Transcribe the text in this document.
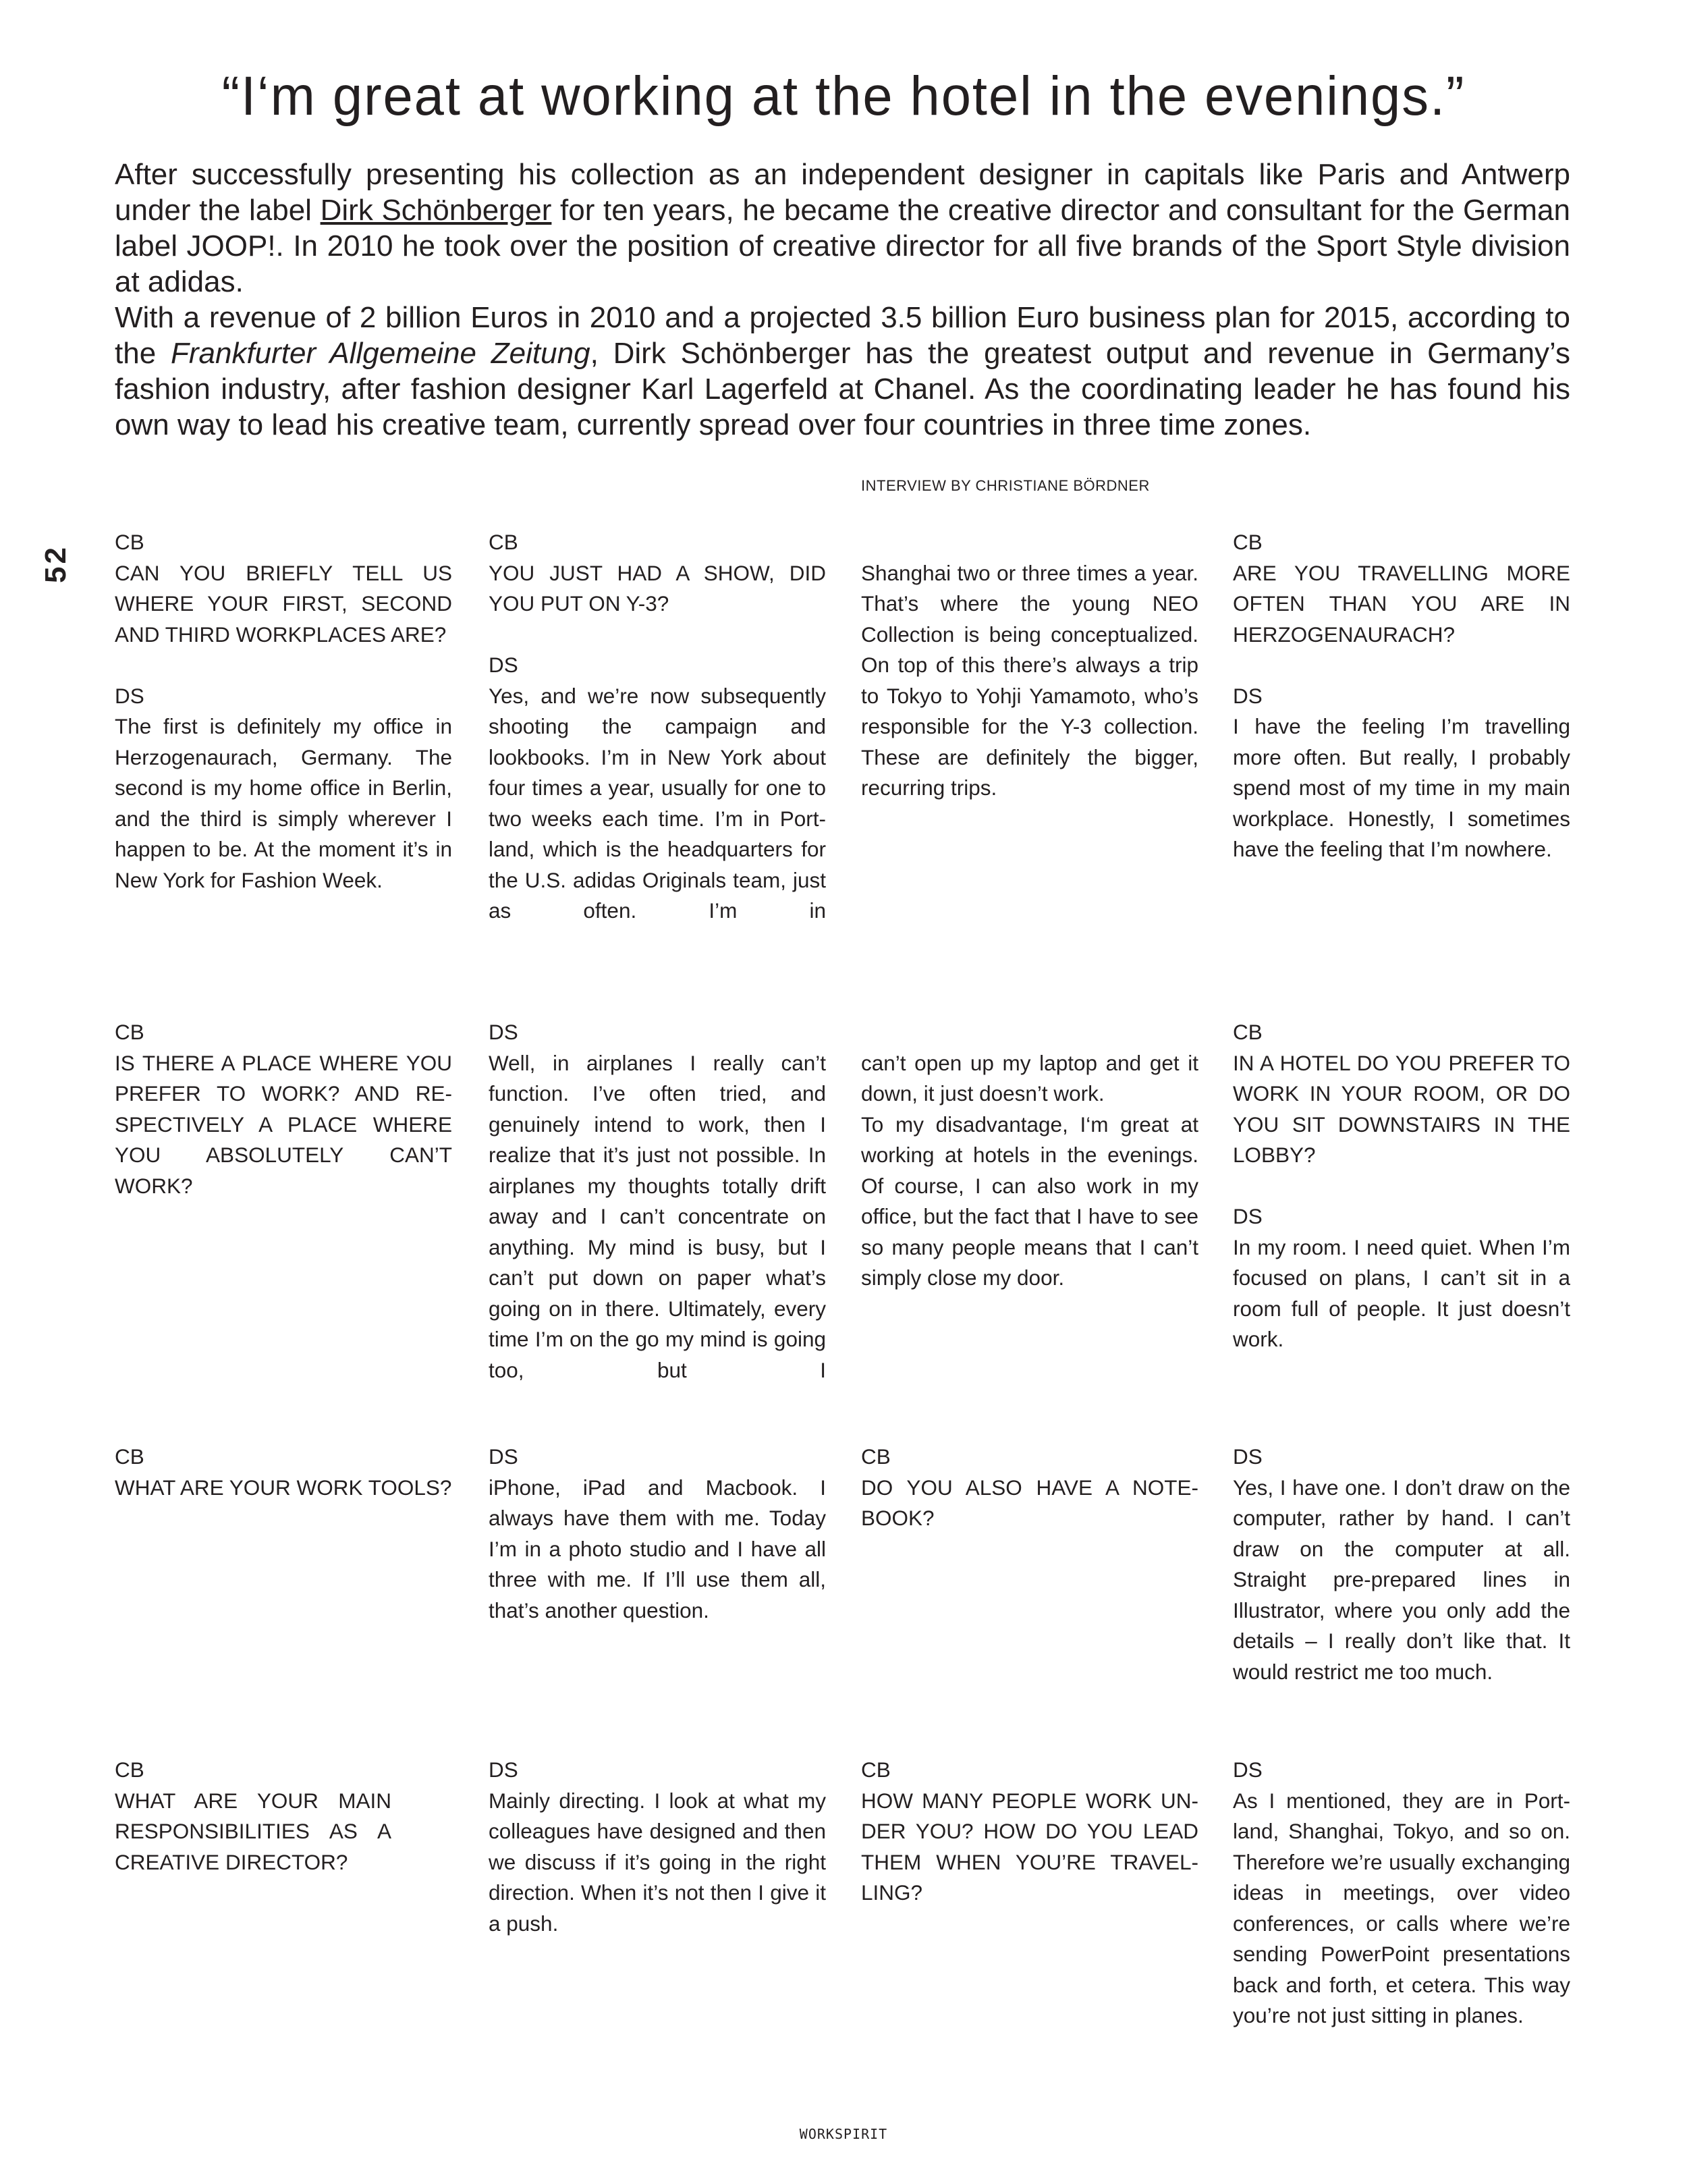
“I‘m great at working at the hotel in the evenings.”

After successfully presenting his collection as an independent designer in capitals like Paris and Antwerp under the label Dirk Schönberger for ten years, he became the creative director and consultant for the German label JOOP!. In 2010 he took over the position of creative director for all five brands of the Sport Style division at adidas.

With a revenue of 2 billion Euros in 2010 and a projected 3.5 billion Euro business plan for 2015, according to the Frankfurter Allgemeine Zeitung, Dirk Schönberger has the greatest output and revenue in Germany’s fashion industry, after fashion designer Karl Lagerfeld at Chanel. As the coordinating leader he has found his own way to lead his creative team, currently spread over four countries in three time zones.

INTERVIEW BY CHRISTIANE BÖRDNER
52
CB
CAN YOU BRIEFLY TELL US WHERE YOUR FIRST, SECOND AND THIRD WORKPLACES ARE?
DS
The first is definitely my office in Herzogenaurach, Germany. The second is my home office in Berlin, and the third is simply wherever I happen to be. At the moment it’s in New York for Fashion Week.
CB
YOU JUST HAD A SHOW, DID YOU PUT ON Y-3?
DS
Yes, and we’re now subsequently shooting the campaign and lookbooks. I’m in New York about four times a year, usually for one to two weeks each time. I’m in Portland, which is the headquarters for the U.S. adidas Originals team, just as often. I’m in
Shanghai two or three times a year. That’s where the young NEO Collection is being conceptualized. On top of this there’s always a trip to Tokyo to Yohji Yamamoto, who’s responsible for the Y-3 collection. These are definitely the bigger, recurring trips.
CB
ARE YOU TRAVELLING MORE OFTEN THAN YOU ARE IN HERZOGENAURACH?
DS
I have the feeling I’m travelling more often. But really, I probably spend most of my time in my main workplace. Honestly, I sometimes have the feeling that I’m nowhere.
CB
IS THERE A PLACE WHERE YOU PREFER TO WORK? AND RESPECTIVELY A PLACE WHERE YOU ABSOLUTELY CAN’T WORK?
DS
Well, in airplanes I really can’t function. I’ve often tried, and genuinely intend to work, then I realize that it’s just not possible. In airplanes my thoughts totally drift away and I can’t concentrate on anything. My mind is busy, but I can’t put down on paper what’s going on in there. Ultimately, every time I’m on the go my mind is going too, but I
can’t open up my laptop and get it down, it just doesn’t work.
To my disadvantage, I‘m great at working at hotels in the evenings. Of course, I can also work in my office, but the fact that I have to see so many people means that I can’t simply close my door.
CB
IN A HOTEL DO YOU PREFER TO WORK IN YOUR ROOM, OR DO YOU SIT DOWNSTAIRS IN THE LOBBY?
DS
In my room. I need quiet. When I’m focused on plans, I can’t sit in a room full of people. It just doesn’t work.
CB
WHAT ARE YOUR WORK TOOLS?
DS
iPhone, iPad and Macbook. I always have them with me. Today I’m in a photo studio and I have all three with me. If I’ll use them all, that’s another question.
CB
DO YOU ALSO HAVE A NOTEBOOK?
DS
Yes, I have one. I don’t draw on the computer, rather by hand. I can’t draw on the computer at all. Straight pre-prepared lines in Illustrator, where you only add the details – I really don’t like that. It would restrict me too much.
CB
WHAT ARE YOUR MAIN RESPONSIBILITIES AS A CREATIVE DIRECTOR?
DS
Mainly directing. I look at what my colleagues have designed and then we discuss if it’s going in the right direction. When it’s not then I give it a push.
CB
HOW MANY PEOPLE WORK UNDER YOU? HOW DO YOU LEAD THEM WHEN YOU’RE TRAVELLING?
DS
As I mentioned, they are in Portland, Shanghai, Tokyo, and so on. Therefore we’re usually exchanging ideas in meetings, over video conferences, or calls where we’re sending PowerPoint presentations back and forth, et cetera. This way you’re not just sitting in planes.
WORKSPIRIT
